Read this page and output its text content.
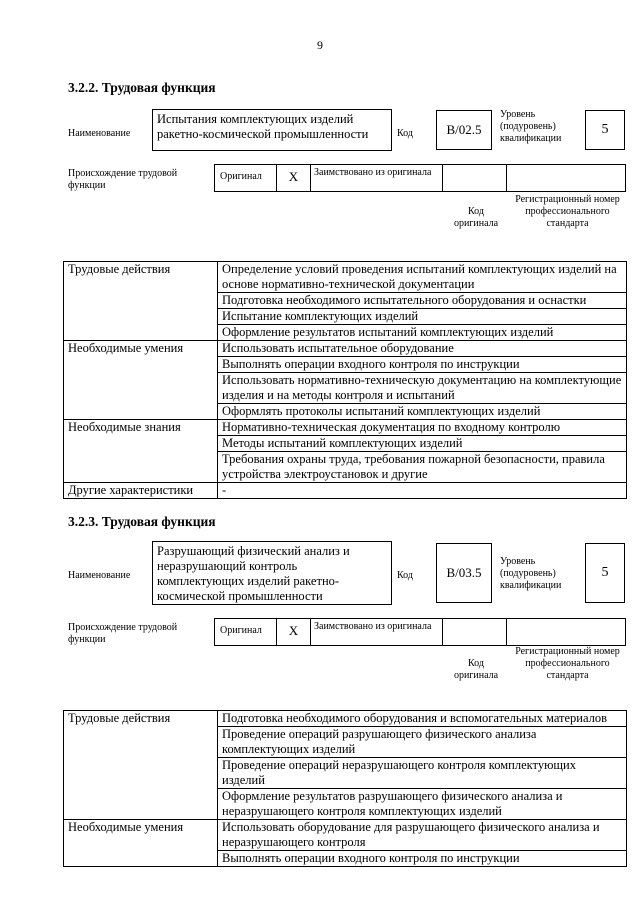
9
3.2.2. Трудовая функция
Наименование
Испытания комплектующих изделий ракетно-космической промышленности	Код	B/02.5
Уровень (подуровень) квалификации
5
Происхождение трудовой функции
Оригинал	X	Заимствовано из оригинала
Код оригинала
Регистрационный номер профессионального стандарта
Трудовые действия	Определение условий проведения испытаний комплектующих изделий на основе нормативно-технической документации
	Подготовка необходимого испытательного оборудования и оснастки
	Испытание комплектующих изделий
	Оформление результатов испытаний комплектующих изделий
Необходимые умения	Использовать испытательное оборудование
	Выполнять операции входного контроля по инструкции
	Использовать нормативно-техническую документацию на комплектующие изделия и на методы контроля и испытаний
	Оформлять протоколы испытаний комплектующих изделий
Необходимые знания	Нормативно-техническая документация по входному контролю
	Методы испытаний комплектующих изделий
	Требования охраны труда, требования пожарной безопасности, правила устройства электроустановок и другие
Другие характеристики	-
3.2.3. Трудовая функция
Наименование
Разрушающий физический анализ и неразрушающий контроль комплектующих изделий ракетно-космической промышленности
Код	B/03.5
Уровень (подуровень) квалификации
5
Происхождение трудовой функции
Оригинал	X	Заимствовано из оригинала
Код оригинала
Регистрационный номер профессионального стандарта
Трудовые действия	Подготовка необходимого оборудования и вспомогательных материалов
	Проведение операций разрушающего физического анализа комплектующих изделий
	Проведение операций неразрушающего контроля комплектующих изделий
	Оформление результатов разрушающего физического анализа и неразрушающего контроля комплектующих изделий
Необходимые умения	Использовать оборудование для разрушающего физического анализа и неразрушающего контроля
	Выполнять операции входного контроля по инструкции
